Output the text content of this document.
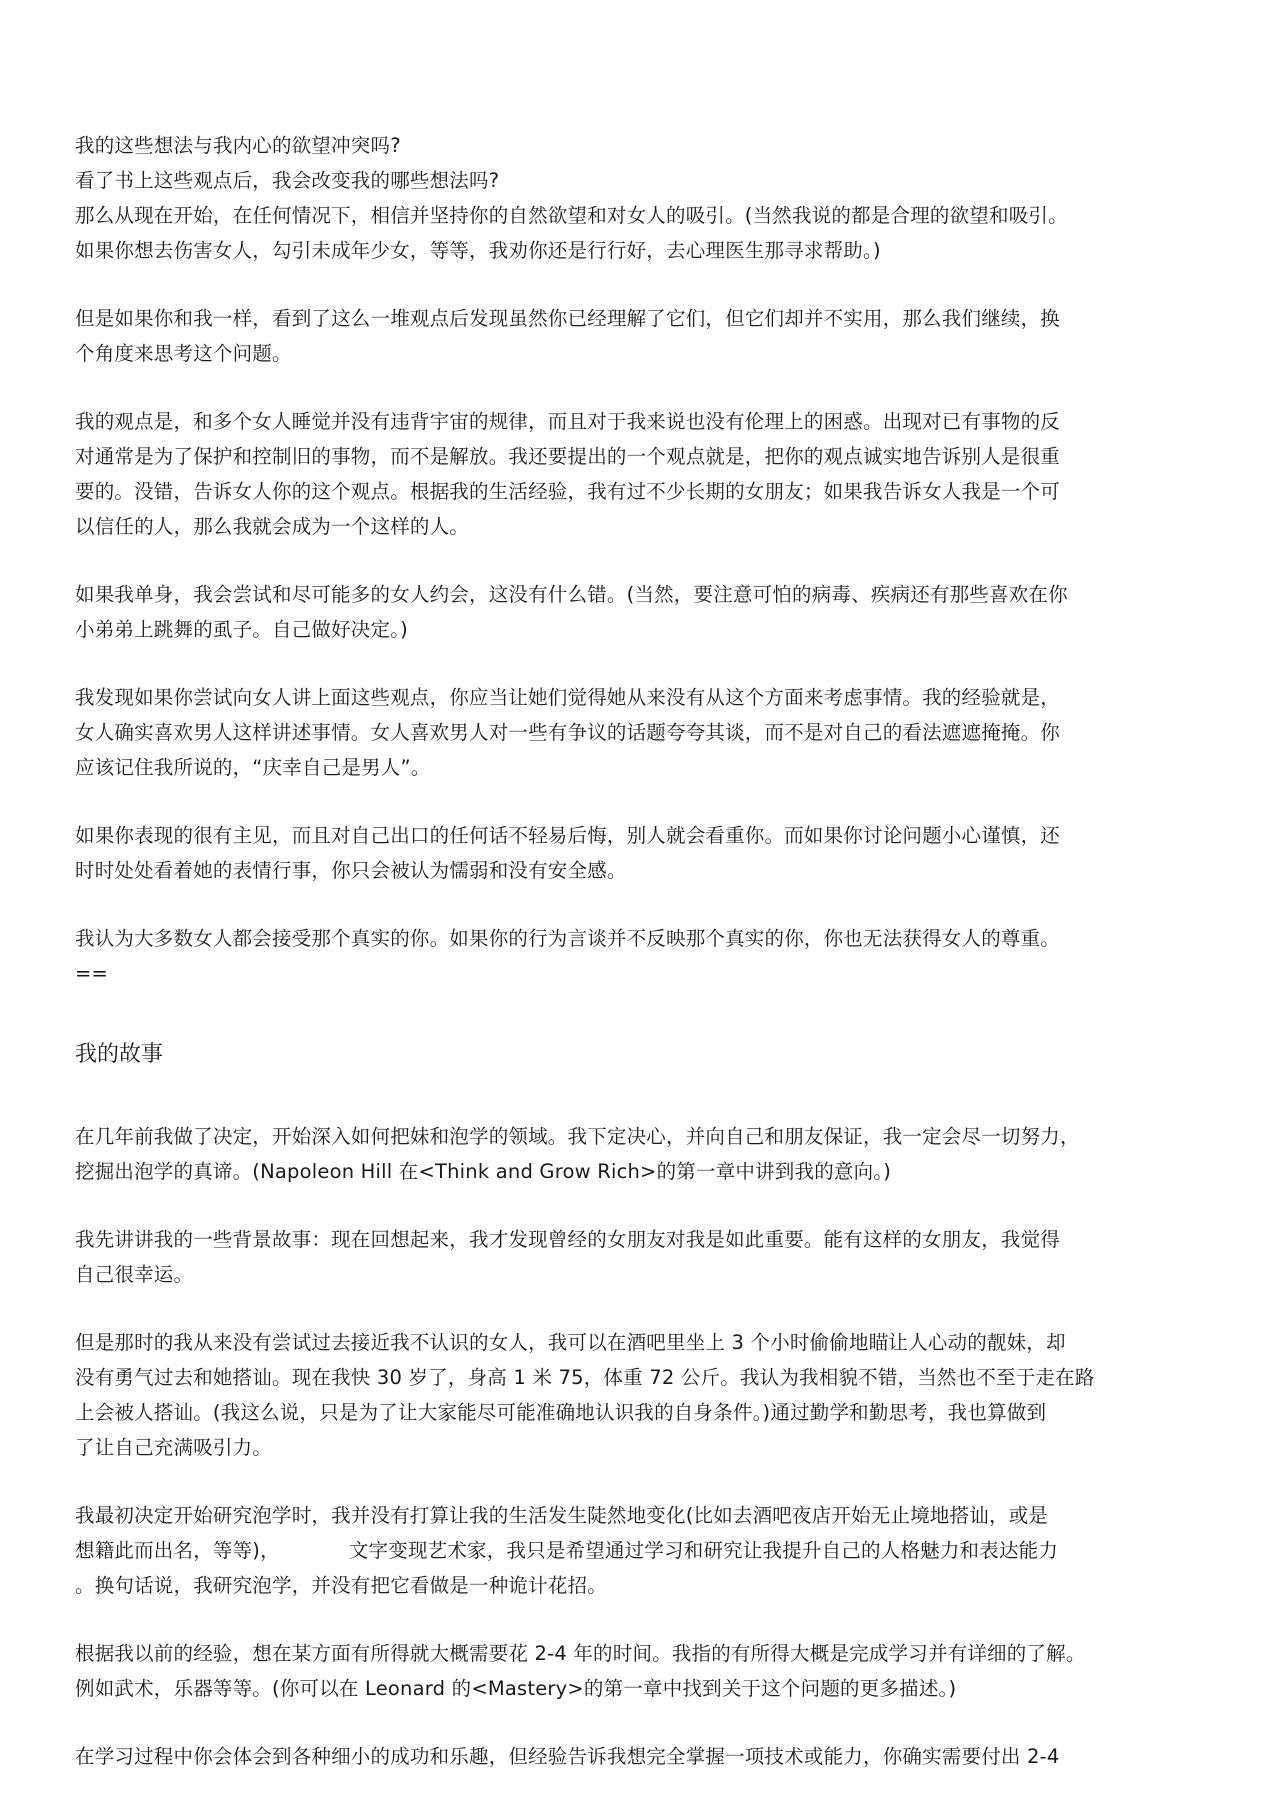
我的这些想法与我内心的欲望冲突吗?
看了书上这些观点后，我会改变我的哪些想法吗?
那么从现在开始，在任何情况下，相信并坚持你的自然欲望和对女人的吸引。(当然我说的都是合理的欲望和吸引。
如果你想去伤害女人，勾引未成年少女，等等，我劝你还是行行好，去心理医生那寻求帮助。)
但是如果你和我一样，看到了这么一堆观点后发现虽然你已经理解了它们，但它们却并不实用，那么我们继续，换
个角度来思考这个问题。
我的观点是，和多个女人睡觉并没有违背宇宙的规律，而且对于我来说也没有伦理上的困惑。出现对已有事物的反
对通常是为了保护和控制旧的事物，而不是解放。我还要提出的一个观点就是，把你的观点诚实地告诉别人是很重
要的。没错，告诉女人你的这个观点。根据我的生活经验，我有过不少长期的女朋友；如果我告诉女人我是一个可
以信任的人，那么我就会成为一个这样的人。
如果我单身，我会尝试和尽可能多的女人约会，这没有什么错。(当然，要注意可怕的病毒、疾病还有那些喜欢在你
小弟弟上跳舞的虱子。自己做好决定。)
我发现如果你尝试向女人讲上面这些观点，你应当让她们觉得她从来没有从这个方面来考虑事情。我的经验就是，
女人确实喜欢男人这样讲述事情。女人喜欢男人对一些有争议的话题夸夸其谈，而不是对自己的看法遮遮掩掩。你
应该记住我所说的，“庆幸自己是男人”。
如果你表现的很有主见，而且对自己出口的任何话不轻易后悔，别人就会看重你。而如果你讨论问题小心谨慎，还
时时处处看着她的表情行事，你只会被认为懦弱和没有安全感。
我认为大多数女人都会接受那个真实的你。如果你的行为言谈并不反映那个真实的你，你也无法获得女人的尊重。
==
我的故事
在几年前我做了决定，开始深入如何把妹和泡学的领域。我下定决心，并向自己和朋友保证，我一定会尽一切努力，
挖掘出泡学的真谛。(Napoleon Hill 在<Think and Grow Rich>的第一章中讲到我的意向。)
我先讲讲我的一些背景故事：现在回想起来，我才发现曾经的女朋友对我是如此重要。能有这样的女朋友，我觉得
自己很幸运。
但是那时的我从来没有尝试过去接近我不认识的女人，我可以在酒吧里坐上 3 个小时偷偷地瞄让人心动的靓妹，却
没有勇气过去和她搭讪。现在我快 30 岁了，身高 1 米 75，体重 72 公斤。我认为我相貌不错，当然也不至于走在路
上会被人搭讪。(我这么说，只是为了让大家能尽可能准确地认识我的自身条件。)通过勤学和勤思考，我也算做到
了让自己充满吸引力。
我最初决定开始研究泡学时，我并没有打算让我的生活发生陡然地变化(比如去酒吧夜店开始无止境地搭讪，或是
想籍此而出名，等等)，　　　　文字变现艺术家，我只是希望通过学习和研究让我提升自己的人格魅力和表达能力
。换句话说，我研究泡学，并没有把它看做是一种诡计花招。
根据我以前的经验，想在某方面有所得就大概需要花 2-4 年的时间。我指的有所得大概是完成学习并有详细的了解。
例如武术，乐器等等。(你可以在 Leonard 的<Mastery>的第一章中找到关于这个问题的更多描述。)
在学习过程中你会体会到各种细小的成功和乐趣，但经验告诉我想完全掌握一项技术或能力，你确实需要付出 2-4
